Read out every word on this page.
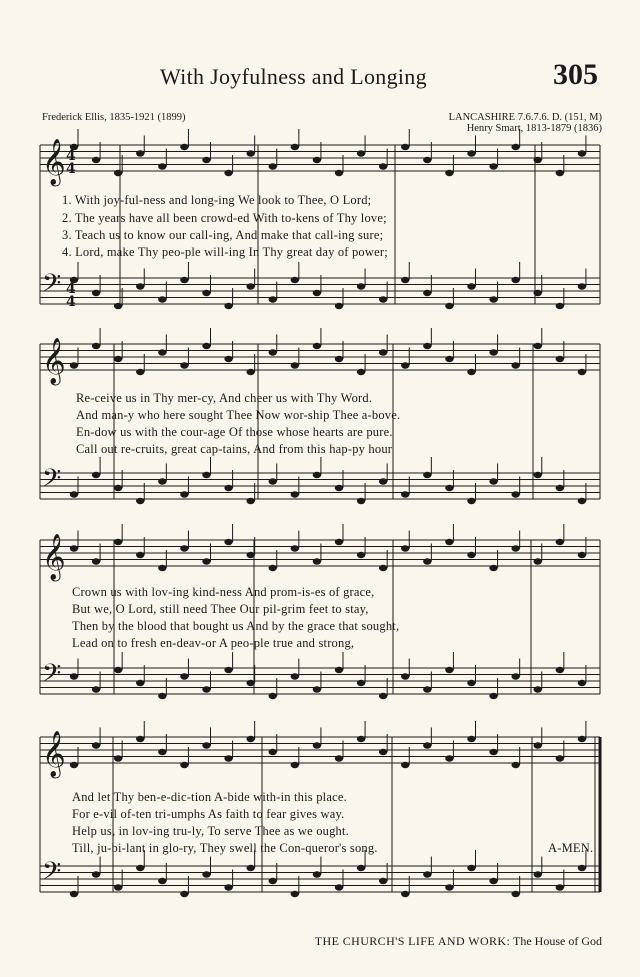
With Joyfulness and Longing	305
Frederick Ellis, 1835-1921 (1899)	LANCASHIRE 7.6.7.6. D. (151, M)
Henry Smart, 1813-1879 (1836)
𝄞
𝄢
𝄞
𝄢
𝄞
𝄢
𝄞
𝄢
4
4
4
4
1. With joy-ful-ness and long-ing We look to Thee, O Lord;
2. The years have all been crowd-ed With to-kens of Thy love;
3. Teach us to know our call-ing, And make that call-ing sure;
4. Lord, make Thy peo-ple will-ing In Thy great day of power;
Re-ceive us in Thy mer-cy, And cheer us with Thy Word.
And man-y who here sought Thee Now wor-ship Thee a-bove.
En-dow us with the cour-age Of those whose hearts are pure.
Call out re-cruits, great cap-tains, And from this hap-py hour
Crown us with lov-ing kind-ness And prom-is-es of grace,
But we, O Lord, still need Thee Our pil-grim feet to stay,
Then by the blood that bought us And by the grace that sought,
Lead on to fresh en-deav-or A peo-ple true and strong,
And let Thy ben-e-dic-tion A-bide with-in this place.
For e-vil of-ten tri-umphs As faith to fear gives way.
Help us, in lov-ing tru-ly, To serve Thee as we ought.
Till, ju-bi-lant in glo-ry, They swell the Con-queror's song.	A-MEN.
THE CHURCH'S LIFE AND WORK: The House of God
